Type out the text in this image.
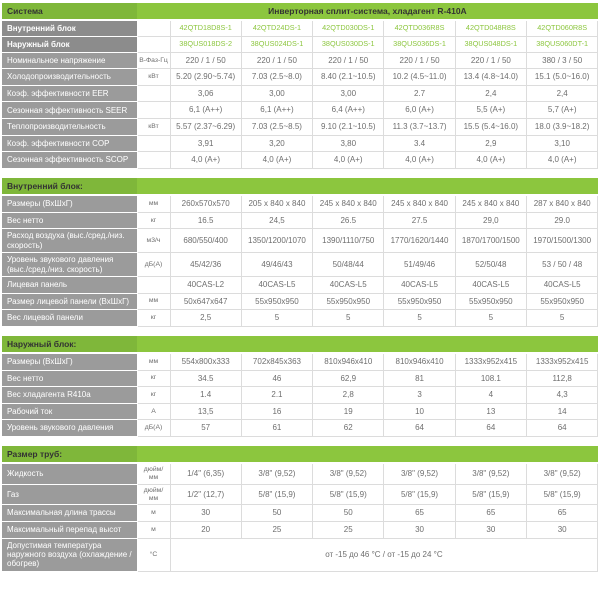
Система	Инверторная сплит-система, хладагент R-410A						
Внутренний блок		42QTD18D8S-1	42QTD24DS-1	42QTD030DS-1	42QTD036R8S	42QTD048R8S	42QTD060R8S
Наружный блок		38QUS018DS-2	38QUS024DS-1	38QUS030DS-1	38QUS036DS-1	38QUS048DS-1	38QUS060DT-1
Номинальное напряжение	В-Фаз-Гц	220 / 1 / 50	220 / 1 / 50	220 / 1 / 50	220 / 1 / 50	220 / 1 / 50	380 / 3 / 50
Холодопроизводительность	кВт	5.20 (2.90~5.74)	7.03 (2.5~8.0)	8.40 (2.1~10.5)	10.2 (4.5~11.0)	13.4 (4.8~14.0)	15.1 (5.0~16.0)
Коэф. эффективности EER		3,06	3,00	3,00	2.7	2,4	2,4
Сезонная эффективность SEER		6,1 (A++)	6,1 (A++)	6,4 (A++)	6,0 (A+)	5,5 (A+)	5,7 (A+)
Теплопроизводительность	кВт	5.57 (2.37~6.29)	7.03 (2.5~8.5)	9.10 (2.1~10.5)	11.3 (3.7~13.7)	15.5 (5.4~16.0)	18.0 (3.9~18.2)
Коэф. эффективности COP		3,91	3,20	3,80	3.4	2,9	3,10
Сезонная эффективность SCOP		4,0 (A+)	4,0 (A+)	4,0 (A+)	4,0 (A+)	4,0 (A+)	4,0 (A+)
Внутренний блок:							
Размеры (ВхШхГ)	мм	260x570x570	205 x 840 x 840	245 x 840 x 840	245 x 840 x 840	245 x 840 x 840	287 x 840 x 840
Вес нетто	кг	16.5	24,5	26.5	27.5	29,0	29.0
Расход воздуха (выс./сред./низ. скорость)	м3/ч	680/550/400	1350/1200/1070	1390/1110/750	1770/1620/1440	1870/1700/1500	1970/1500/1300
Уровень звукового давления (выс./сред./низ. скорость)	дБ(А)	45/42/36	49/46/43	50/48/44	51/49/46	52/50/48	53 / 50 / 48
Лицевая панель		40CAS-L2	40CAS-L5	40CAS-L5	40CAS-L5	40CAS-L5	40CAS-L5
Размер лицевой панели (ВхШхГ)	мм	50x647x647	55x950x950	55x950x950	55x950x950	55x950x950	55x950x950
Вес лицевой панели	кг	2,5	5	5	5	5	5
Наружный блок:							
Размеры (ВхШхГ)	мм	554x800x333	702x845x363	810x946x410	810x946x410	1333x952x415	1333x952x415
Вес нетто	кг	34.5	46	62,9	81	108.1	112,8
Вес хладагента R410a	кг	1.4	2.1	2,8	3	4	4,3
Рабочий ток	А	13,5	16	19	10	13	14
Уровень звукового давления	дБ(А)	57	61	62	64	64	64
Размер труб:							
Жидкость	дюйм/ мм	1/4" (6,35)	3/8" (9,52)	3/8" (9,52)	3/8" (9,52)	3/8" (9,52)	3/8" (9,52)
Газ	дюйм/ мм	1/2" (12,7)	5/8" (15,9)	5/8" (15,9)	5/8" (15,9)	5/8" (15,9)	5/8" (15,9)
Максимальная длина трассы	м	30	50	50	65	65	65
Максимальный перепад высот	м	20	25	25	30	30	30
Допустимая температура наружного воздуха (охлаждение / обогрев)	°С	от -15 до 46 °С / от -15 до 24 °С					
